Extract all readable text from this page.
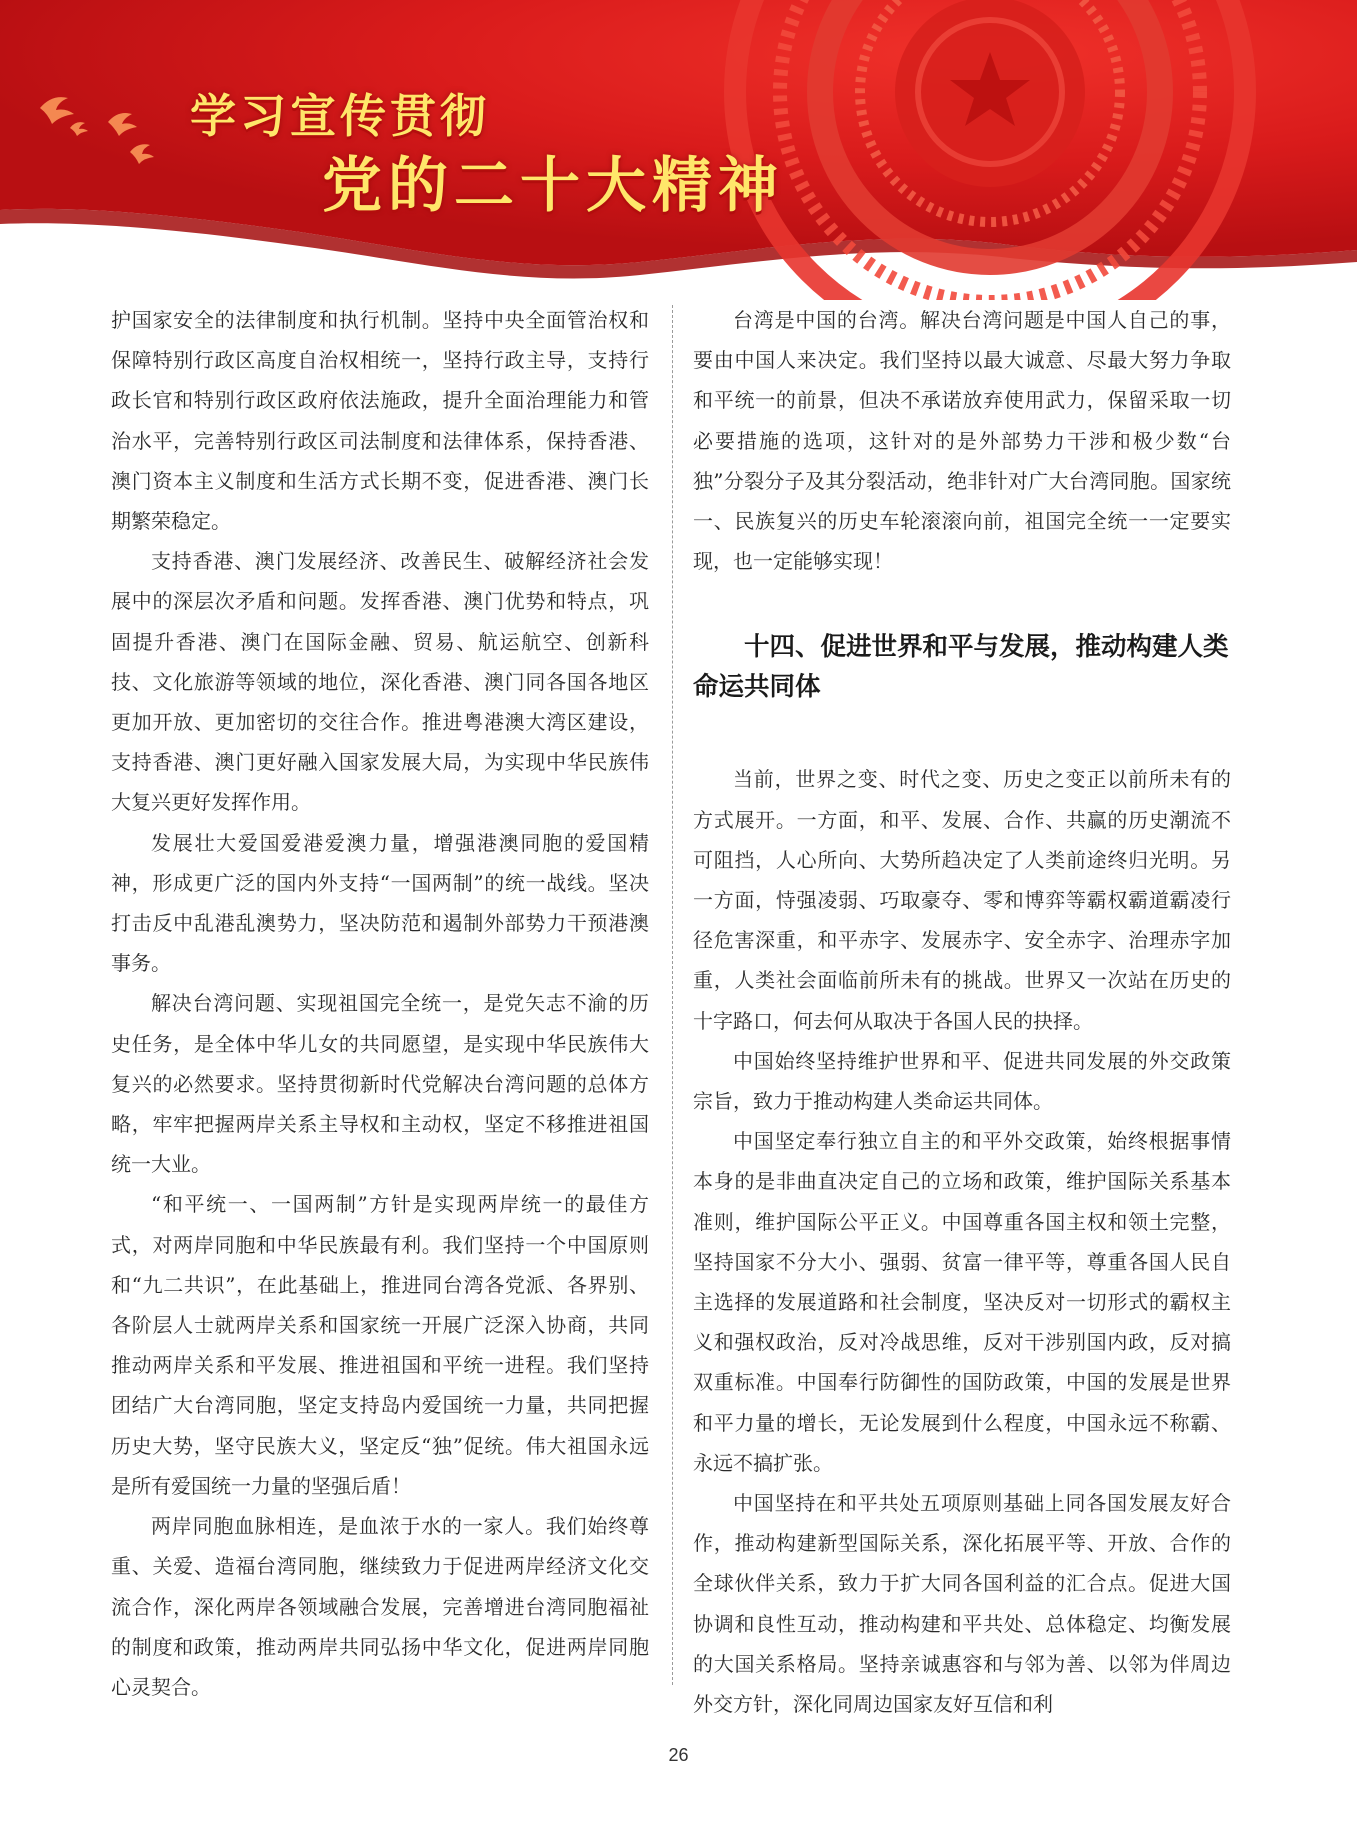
学习宣传贯彻
党的二十大精神

护国家安全的法律制度和执行机制。坚持中央全面管治权和保障特别行政区高度自治权相统一，坚持行政主导，支持行政长官和特别行政区政府依法施政，提升全面治理能力和管治水平，完善特别行政区司法制度和法律体系，保持香港、澳门资本主义制度和生活方式长期不变，促进香港、澳门长期繁荣稳定。

支持香港、澳门发展经济、改善民生、破解经济社会发展中的深层次矛盾和问题。发挥香港、澳门优势和特点，巩固提升香港、澳门在国际金融、贸易、航运航空、创新科技、文化旅游等领域的地位，深化香港、澳门同各国各地区更加开放、更加密切的交往合作。推进粤港澳大湾区建设，支持香港、澳门更好融入国家发展大局，为实现中华民族伟大复兴更好发挥作用。

发展壮大爱国爱港爱澳力量，增强港澳同胞的爱国精神，形成更广泛的国内外支持“一国两制”的统一战线。坚决打击反中乱港乱澳势力，坚决防范和遏制外部势力干预港澳事务。

解决台湾问题、实现祖国完全统一，是党矢志不渝的历史任务，是全体中华儿女的共同愿望，是实现中华民族伟大复兴的必然要求。坚持贯彻新时代党解决台湾问题的总体方略，牢牢把握两岸关系主导权和主动权，坚定不移推进祖国统一大业。

“和平统一、一国两制”方针是实现两岸统一的最佳方式，对两岸同胞和中华民族最有利。我们坚持一个中国原则和“九二共识”，在此基础上，推进同台湾各党派、各界别、各阶层人士就两岸关系和国家统一开展广泛深入协商，共同推动两岸关系和平发展、推进祖国和平统一进程。我们坚持团结广大台湾同胞，坚定支持岛内爱国统一力量，共同把握历史大势，坚守民族大义，坚定反“独”促统。伟大祖国永远是所有爱国统一力量的坚强后盾！

两岸同胞血脉相连，是血浓于水的一家人。我们始终尊重、关爱、造福台湾同胞，继续致力于促进两岸经济文化交流合作，深化两岸各领域融合发展，完善增进台湾同胞福祉的制度和政策，推动两岸共同弘扬中华文化，促进两岸同胞心灵契合。

台湾是中国的台湾。解决台湾问题是中国人自己的事，要由中国人来决定。我们坚持以最大诚意、尽最大努力争取和平统一的前景，但决不承诺放弃使用武力，保留采取一切必要措施的选项，这针对的是外部势力干涉和极少数“台独”分裂分子及其分裂活动，绝非针对广大台湾同胞。国家统一、民族复兴的历史车轮滚滚向前，祖国完全统一一定要实现，也一定能够实现！

十四、促进世界和平与发展，推动构建人类命运共同体

当前，世界之变、时代之变、历史之变正以前所未有的方式展开。一方面，和平、发展、合作、共赢的历史潮流不可阻挡，人心所向、大势所趋决定了人类前途终归光明。另一方面，恃强凌弱、巧取豪夺、零和博弈等霸权霸道霸凌行径危害深重，和平赤字、发展赤字、安全赤字、治理赤字加重，人类社会面临前所未有的挑战。世界又一次站在历史的十字路口，何去何从取决于各国人民的抉择。

中国始终坚持维护世界和平、促进共同发展的外交政策宗旨，致力于推动构建人类命运共同体。

中国坚定奉行独立自主的和平外交政策，始终根据事情本身的是非曲直决定自己的立场和政策，维护国际关系基本准则，维护国际公平正义。中国尊重各国主权和领土完整，坚持国家不分大小、强弱、贫富一律平等，尊重各国人民自主选择的发展道路和社会制度，坚决反对一切形式的霸权主义和强权政治，反对冷战思维，反对干涉别国内政，反对搞双重标准。中国奉行防御性的国防政策，中国的发展是世界和平力量的增长，无论发展到什么程度，中国永远不称霸、永远不搞扩张。

中国坚持在和平共处五项原则基础上同各国发展友好合作，推动构建新型国际关系，深化拓展平等、开放、合作的全球伙伴关系，致力于扩大同各国利益的汇合点。促进大国协调和良性互动，推动构建和平共处、总体稳定、均衡发展的大国关系格局。坚持亲诚惠容和与邻为善、以邻为伴周边外交方针，深化同周边国家友好互信和利

26
